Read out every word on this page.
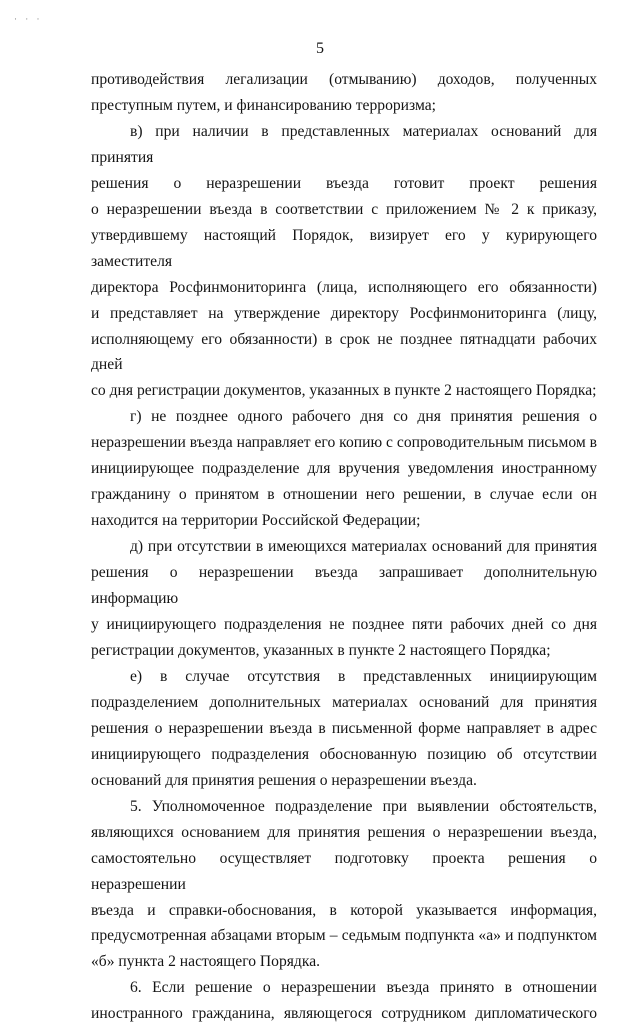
· · ·
5
противодействия легализации (отмыванию) доходов, полученных
преступным путем, и финансированию терроризма;
в) при наличии в представленных материалах оснований для принятия
решения о неразрешении въезда готовит проект решения
о неразрешении въезда в соответствии с приложением № 2 к приказу,
утвердившему настоящий Порядок, визирует его у курирующего заместителя
директора Росфинмониторинга (лица, исполняющего его обязанности)
и представляет на утверждение директору Росфинмониторинга (лицу,
исполняющему его обязанности) в срок не позднее пятнадцати рабочих дней
со дня регистрации документов, указанных в пункте 2 настоящего Порядка;
г) не позднее одного рабочего дня со дня принятия решения о
неразрешении въезда направляет его копию с сопроводительным письмом в
инициирующее подразделение для вручения уведомления иностранному
гражданину о принятом в отношении него решении, в случае если он
находится на территории Российской Федерации;
д) при отсутствии в имеющихся материалах оснований для принятия
решения о неразрешении въезда запрашивает дополнительную информацию
у инициирующего подразделения не позднее пяти рабочих дней со дня
регистрации документов, указанных в пункте 2 настоящего Порядка;
е) в случае отсутствия в представленных инициирующим
подразделением дополнительных материалах оснований для принятия
решения о неразрешении въезда в письменной форме направляет в адрес
инициирующего подразделения обоснованную позицию об отсутствии
оснований для принятия решения о неразрешении въезда.
5. Уполномоченное подразделение при выявлении обстоятельств,
являющихся основанием для принятия решения о неразрешении въезда,
самостоятельно осуществляет подготовку проекта решения о неразрешении
въезда и справки-обоснования, в которой указывается информация,
предусмотренная абзацами вторым – седьмым подпункта «а» и подпунктом
«б» пункта 2 настоящего Порядка.
6. Если решение о неразрешении въезда принято в отношении
иностранного гражданина, являющегося сотрудником дипломатического
